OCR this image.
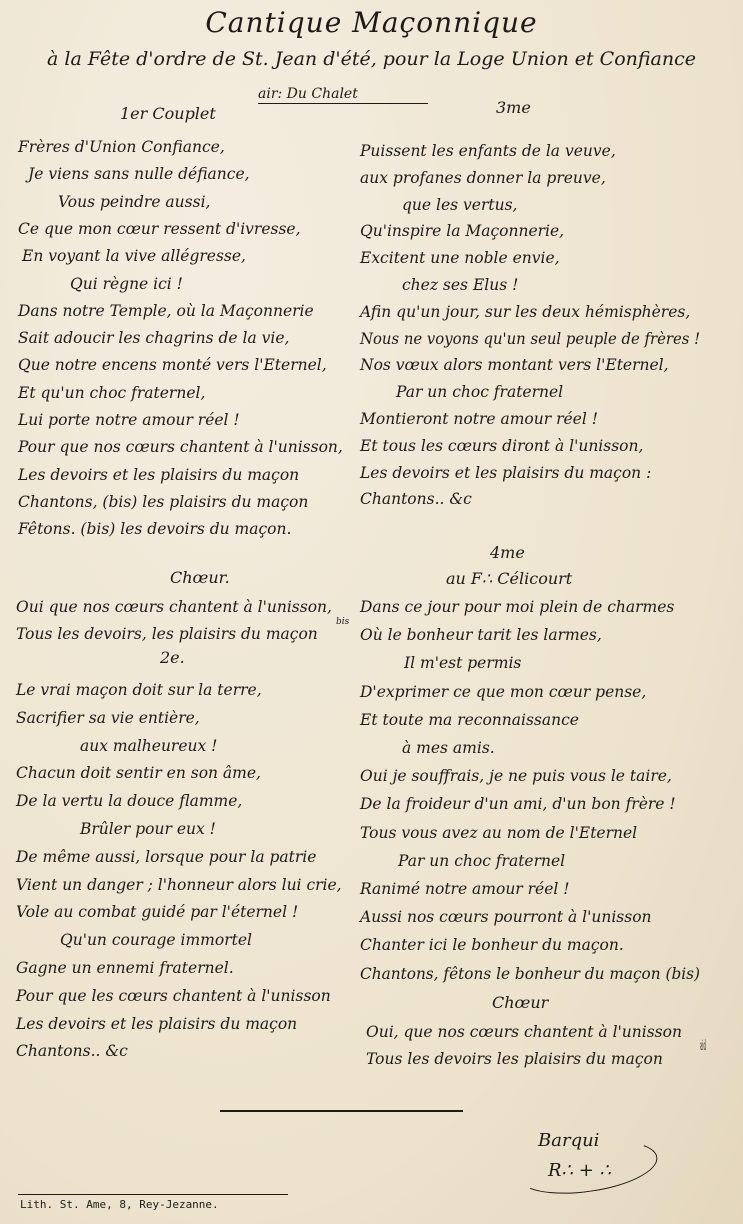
Cantique Maçonnique
à la Fête d'ordre de St. Jean d'été, pour la Loge Union et Confiance
air: Du Chalet
1er Couplet
Frères d'Union Confiance,
Je viens sans nulle défiance,
Vous peindre aussi,
Ce que mon cœur ressent d'ivresse,
En voyant la vive allégresse,
Qui règne ici !
Dans notre Temple, où la Maçonnerie
Sait adoucir les chagrins de la vie,
Que notre encens monté vers l'Eternel,
Et qu'un choc fraternel,
Lui porte notre amour réel !
Pour que nos cœurs chantent à l'unisson,
Les devoirs et les plaisirs du maçon
Chantons, (bis) les plaisirs du maçon
Fêtons. (bis) les devoirs du maçon.
Chœur.
Oui que nos cœurs chantent à l'unisson,
Tous les devoirs, les plaisirs du maçon
bis
2e.
Le vrai maçon doit sur la terre,
Sacrifier sa vie entière,
aux malheureux !
Chacun doit sentir en son âme,
De la vertu la douce flamme,
Brûler pour eux !
De même aussi, lorsque pour la patrie
Vient un danger ; l'honneur alors lui crie,
Vole au combat guidé par l'éternel !
Qu'un courage immortel
Gagne un ennemi fraternel.
Pour que les cœurs chantent à l'unisson
Les devoirs et les plaisirs du maçon
Chantons.. &c
3me
Puissent les enfants de la veuve,
aux profanes donner la preuve,
que les vertus,
Qu'inspire la Maçonnerie,
Excitent une noble envie,
chez ses Elus !
Afin qu'un jour, sur les deux hémisphères,
Nous ne voyons qu'un seul peuple de frères !
Nos vœux alors montant vers l'Eternel,
Par un choc fraternel
Montieront notre amour réel !
Et tous les cœurs diront à l'unisson,
Les devoirs et les plaisirs du maçon :
Chantons.. &c
4me
au F∴ Célicourt
Dans ce jour pour moi plein de charmes
Où le bonheur tarit les larmes,
Il m'est permis
D'exprimer ce que mon cœur pense,
Et toute ma reconnaissance
à mes amis.
Oui je souffrais, je ne puis vous le taire,
De la froideur d'un ami, d'un bon frère !
Tous vous avez au nom de l'Eternel
Par un choc fraternel
Ranimé notre amour réel !
Aussi nos cœurs pourront à l'unisson
Chanter ici le bonheur du maçon.
Chantons, fêtons le bonheur du maçon (bis)
Chœur
Oui, que nos cœurs chantent à l'unisson
Tous les devoirs les plaisirs du maçon
bis
Barqui
R∴ + ∴
Lith. St. Ame, 8, Rey-Jezanne.
